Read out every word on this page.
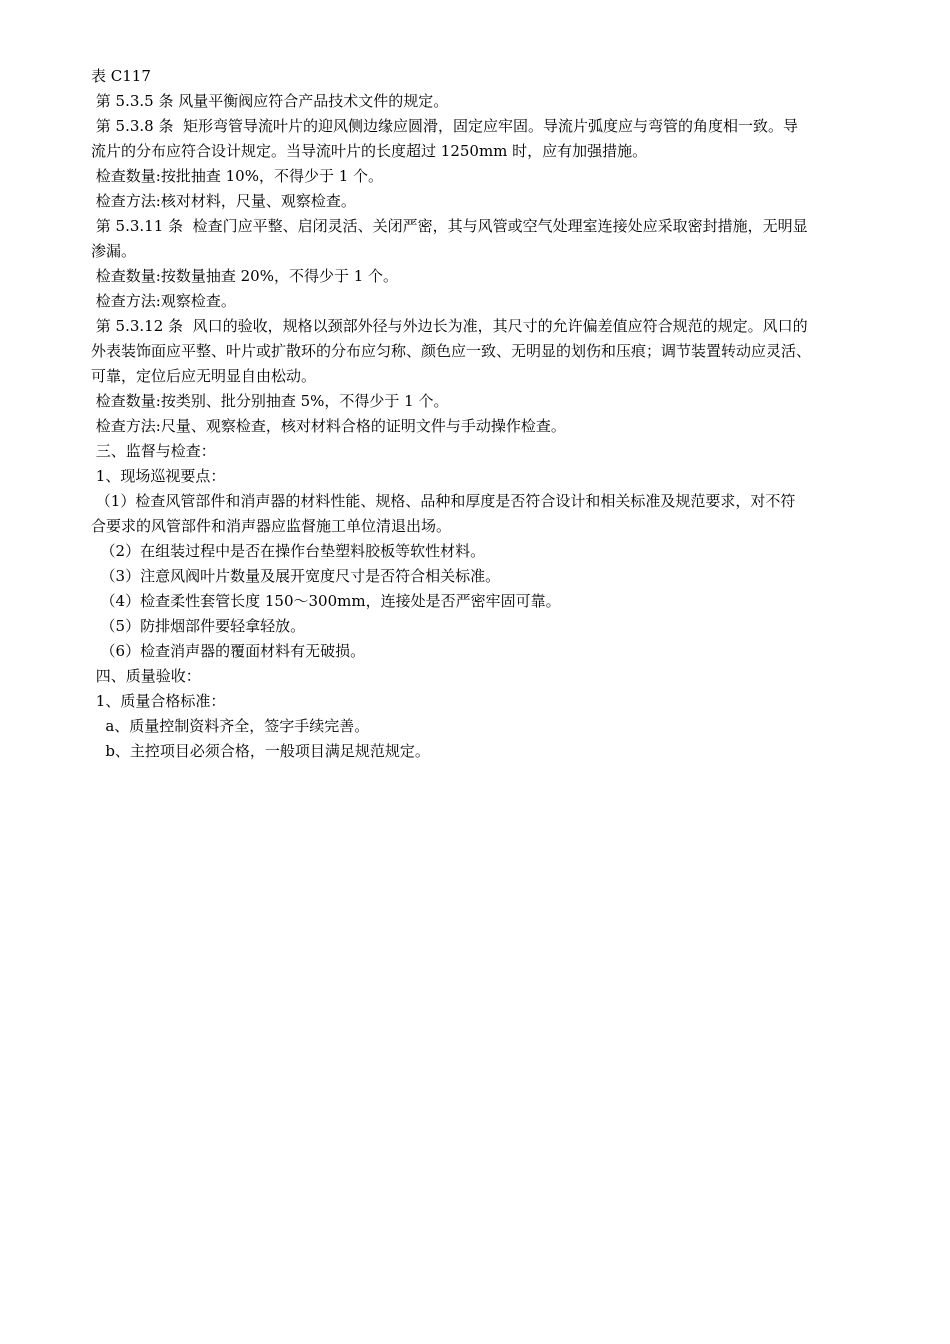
表 C117

第 5.3.5 条 风量平衡阀应符合产品技术文件的规定。

第 5.3.8 条  矩形弯管导流叶片的迎风侧边缘应圆滑，固定应牢固。导流片弧度应与弯管的角度相一致。导

流片的分布应符合设计规定。当导流叶片的长度超过 1250mm 时，应有加强措施。

检查数量:按批抽查 10%，不得少于 1 个。

检查方法:核对材料，尺量、观察检查。

第 5.3.11 条  检查门应平整、启闭灵活、关闭严密，其与风管或空气处理室连接处应采取密封措施，无明显

渗漏。

检查数量:按数量抽查 20%，不得少于 1 个。

检查方法:观察检查。

第 5.3.12 条  风口的验收，规格以颈部外径与外边长为准，其尺寸的允许偏差值应符合规范的规定。风口的

外表装饰面应平整、叶片或扩散环的分布应匀称、颜色应一致、无明显的划伤和压痕；调节装置转动应灵活、

可靠，定位后应无明显自由松动。

检查数量:按类别、批分别抽查 5%，不得少于 1 个。

检查方法:尺量、观察检查，核对材料合格的证明文件与手动操作检查。

三、监督与检查：

1、现场巡视要点：

（1）检查风管部件和消声器的材料性能、规格、品种和厚度是否符合设计和相关标准及规范要求，对不符

合要求的风管部件和消声器应监督施工单位清退出场。

（2）在组装过程中是否在操作台垫塑料胶板等软性材料。

（3）注意风阀叶片数量及展开宽度尺寸是否符合相关标准。

（4）检查柔性套管长度 150～300mm，连接处是否严密牢固可靠。

（5）防排烟部件要轻拿轻放。

（6）检查消声器的覆面材料有无破损。

四、质量验收：

1、质量合格标准：

a、质量控制资料齐全，签字手续完善。

b、主控项目必须合格，一般项目满足规范规定。
